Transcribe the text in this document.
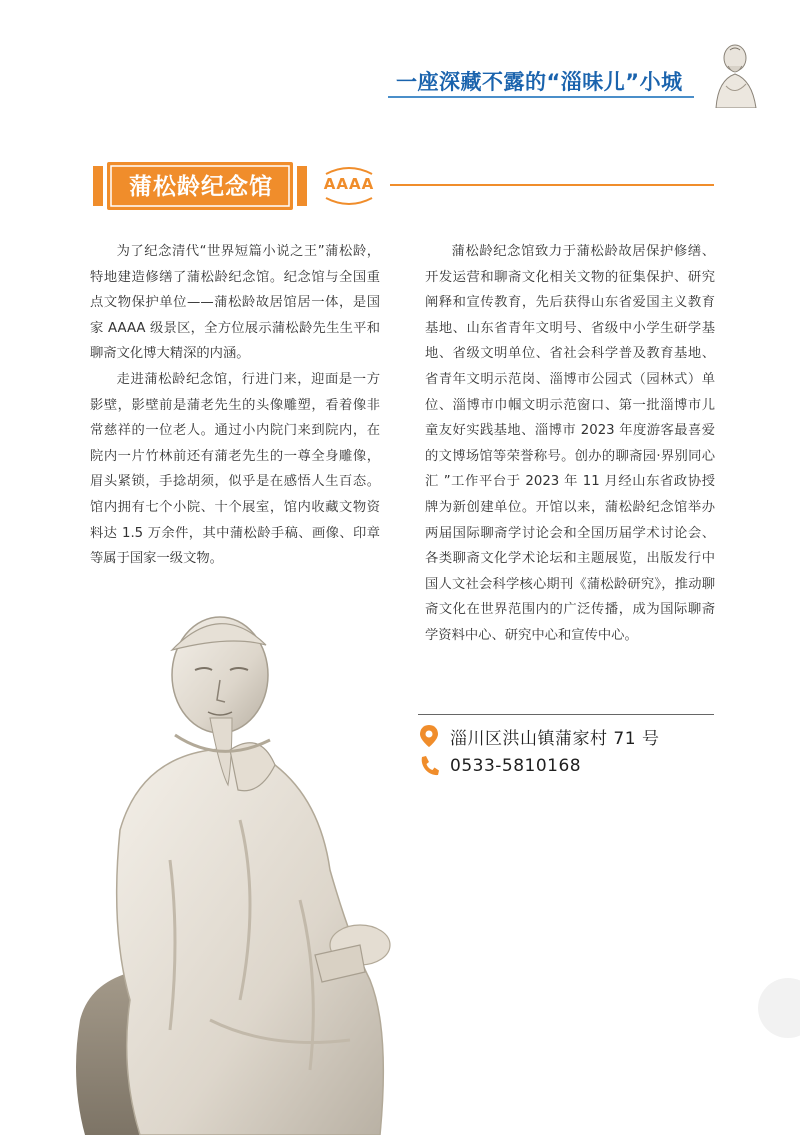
一座深藏不露的“淄味儿”小城
蒲松龄纪念馆	AAAA

为了纪念清代“世界短篇小说之王”蒲松龄，特地建造修缮了蒲松龄纪念馆。纪念馆与全国重点文物保护单位——蒲松龄故居馆居一体，是国家 AAAA 级景区，全方位展示蒲松龄先生生平和聊斋文化博大精深的内涵。

走进蒲松龄纪念馆，行进门来，迎面是一方影壁，影壁前是蒲老先生的头像雕塑，看着像非常慈祥的一位老人。通过小内院门来到院内，在院内一片竹林前还有蒲老先生的一尊全身雕像，眉头紧锁，手捻胡须，似乎是在感悟人生百态。馆内拥有七个小院、十个展室，馆内收藏文物资料达 1.5 万余件，其中蒲松龄手稿、画像、印章等属于国家一级文物。

蒲松龄纪念馆致力于蒲松龄故居保护修缮、开发运营和聊斋文化相关文物的征集保护、研究阐释和宣传教育，先后获得山东省爱国主义教育基地、山东省青年文明号、省级中小学生研学基地、省级文明单位、省社会科学普及教育基地、省青年文明示范岗、淄博市公园式（园林式）单位、淄博市巾帼文明示范窗口、第一批淄博市儿童友好实践基地、淄博市 2023 年度游客最喜爱的文博场馆等荣誉称号。创办的聊斋园·界别同心汇 ”工作平台于 2023 年 11 月经山东省政协授牌为新创建单位。开馆以来，蒲松龄纪念馆举办两届国际聊斋学讨论会和全国历届学术讨论会、各类聊斋文化学术论坛和主题展览，出版发行中国人文社会科学核心期刊《蒲松龄研究》，推动聊斋文化在世界范围内的广泛传播，成为国际聊斋学资料中心、研究中心和宣传中心。

淄川区洪山镇蒲家村 71 号
0533-5810168
